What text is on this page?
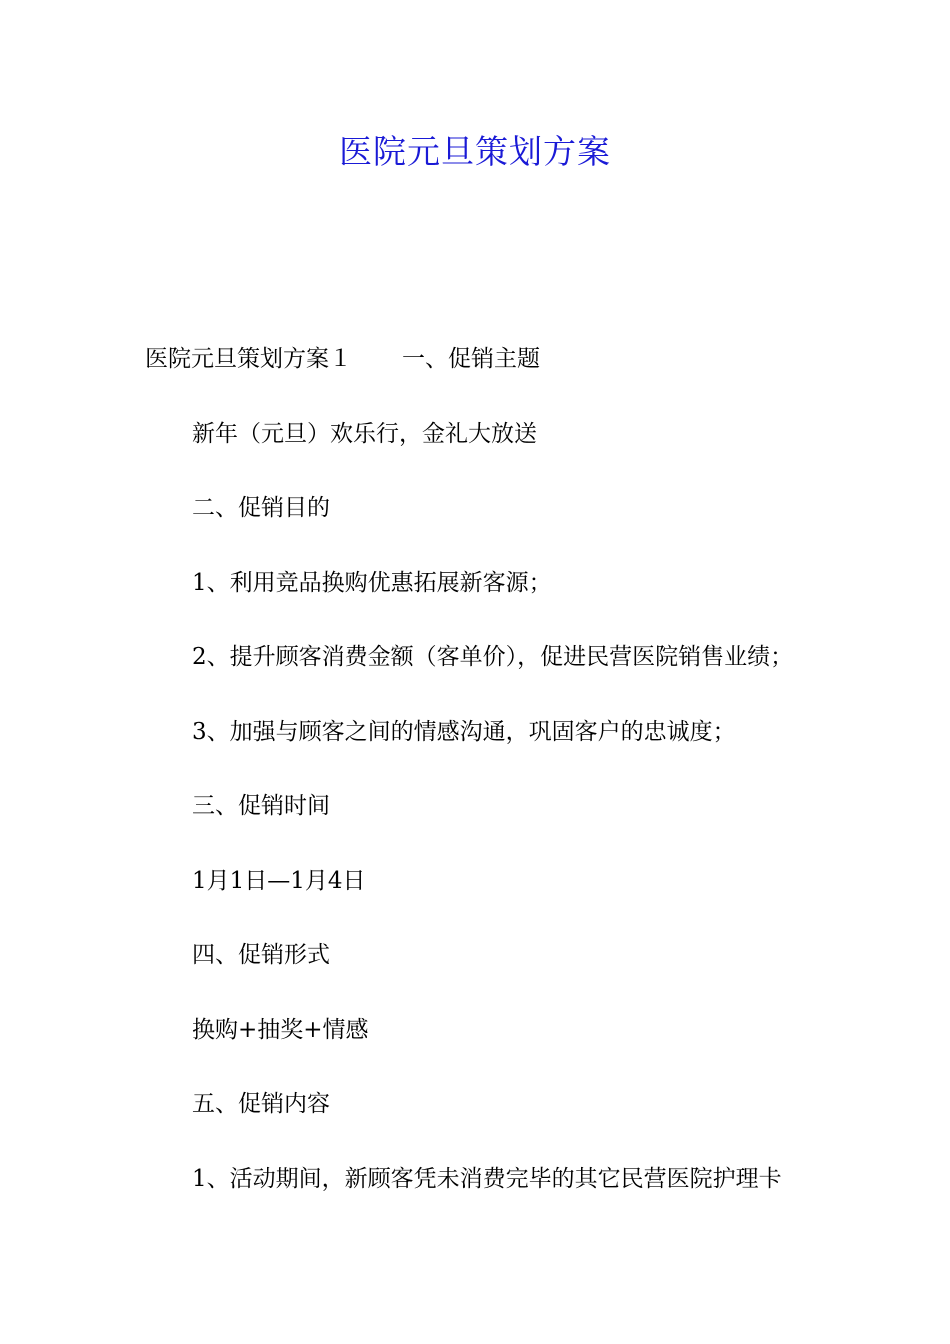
医院元旦策划方案

医院元旦策划方案１ 一、促销主题

新年（元旦）欢乐行，金礼大放送

二、促销目的

1、利用竞品换购优惠拓展新客源；

2、提升顾客消费金额（客单价），促进民营医院销售业绩；

3、加强与顾客之间的情感沟通，巩固客户的忠诚度；

三、促销时间

1月1日—1月4日

四、促销形式

换购+抽奖+情感

五、促销内容

1、活动期间，新顾客凭未消费完毕的其它民营医院护理卡
